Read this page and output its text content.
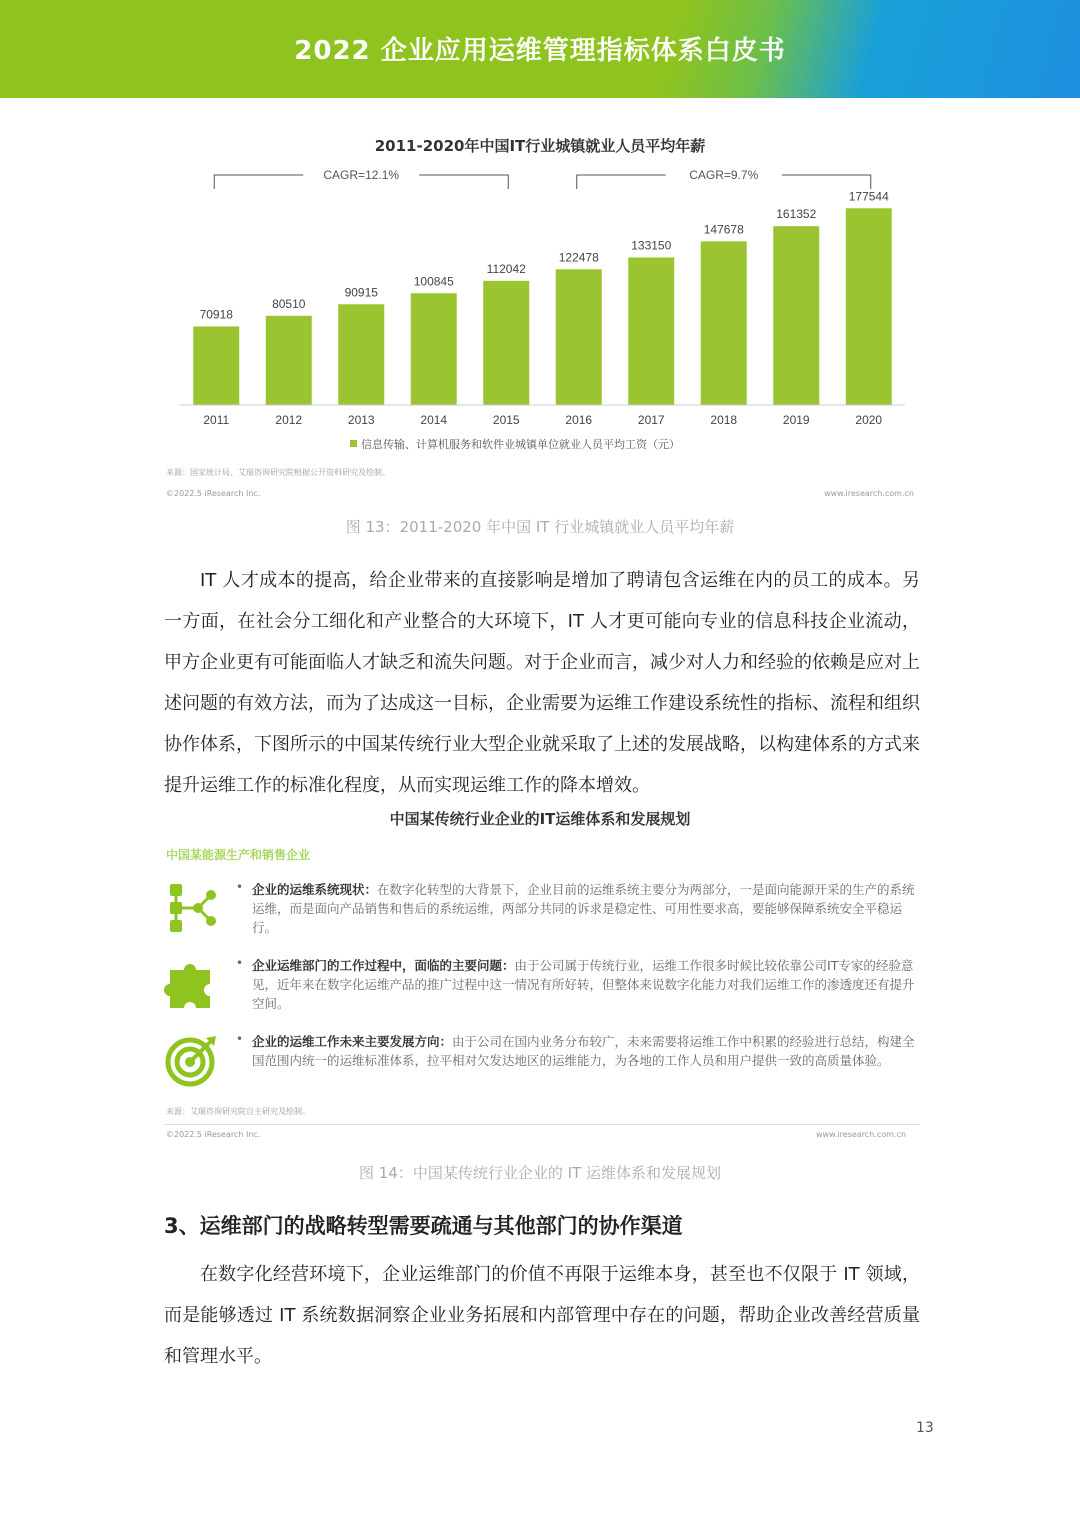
2022 企业应用运维管理指标体系白皮书
2011-2020年中国IT行业城镇就业人员平均年薪
70918
2011
80510
2012
90915
2013
100845
2014
112042
2015
122478
2016
133150
2017
147678
2018
161352
2019
177544
2020
CAGR=12.1%	CAGR=9.7%
信息传输、计算机服务和软件业城镇单位就业人员平均工资（元）
来源：国家统计局、艾瑞咨询研究院根据公开资料研究及绘制。
©2022.5 iResearch Inc.	www.iresearch.com.cn
图 13：2011-2020 年中国 IT 行业城镇就业人员平均年薪

IT 人才成本的提高，给企业带来的直接影响是增加了聘请包含运维在内的员工的成本。另一方面，在社会分工细化和产业整合的大环境下，IT 人才更可能向专业的信息科技企业流动，甲方企业更有可能面临人才缺乏和流失问题。对于企业而言，减少对人力和经验的依赖是应对上述问题的有效方法，而为了达成这一目标，企业需要为运维工作建设系统性的指标、流程和组织协作体系，下图所示的中国某传统行业大型企业就采取了上述的发展战略，以构建体系的方式来提升运维工作的标准化程度，从而实现运维工作的降本增效。

中国某传统行业企业的IT运维体系和发展规划
中国某能源生产和销售企业
• 企业的运维系统现状：在数字化转型的大背景下，企业目前的运维系统主要分为两部分，一是面向能源开采的生产的系统运维，而是面向产品销售和售后的系统运维，两部分共同的诉求是稳定性、可用性要求高，要能够保障系统安全平稳运行。
• 企业运维部门的工作过程中，面临的主要问题：由于公司属于传统行业，运维工作很多时候比较依靠公司IT专家的经验意见，近年来在数字化运维产品的推广过程中这一情况有所好转，但整体来说数字化能力对我们运维工作的渗透度还有提升空间。
• 企业的运维工作未来主要发展方向：由于公司在国内业务分布较广，未来需要将运维工作中积累的经验进行总结，构建全国范围内统一的运维标准体系，拉平相对欠发达地区的运维能力，为各地的工作人员和用户提供一致的高质量体验。
来源：艾瑞咨询研究院自主研究及绘制。
©2022.5 iResearch Inc.	www.iresearch.com.cn
图 14：中国某传统行业企业的 IT 运维体系和发展规划
3、运维部门的战略转型需要疏通与其他部门的协作渠道

在数字化经营环境下，企业运维部门的价值不再限于运维本身，甚至也不仅限于 IT 领域，而是能够透过 IT 系统数据洞察企业业务拓展和内部管理中存在的问题，帮助企业改善经营质量和管理水平。

13
